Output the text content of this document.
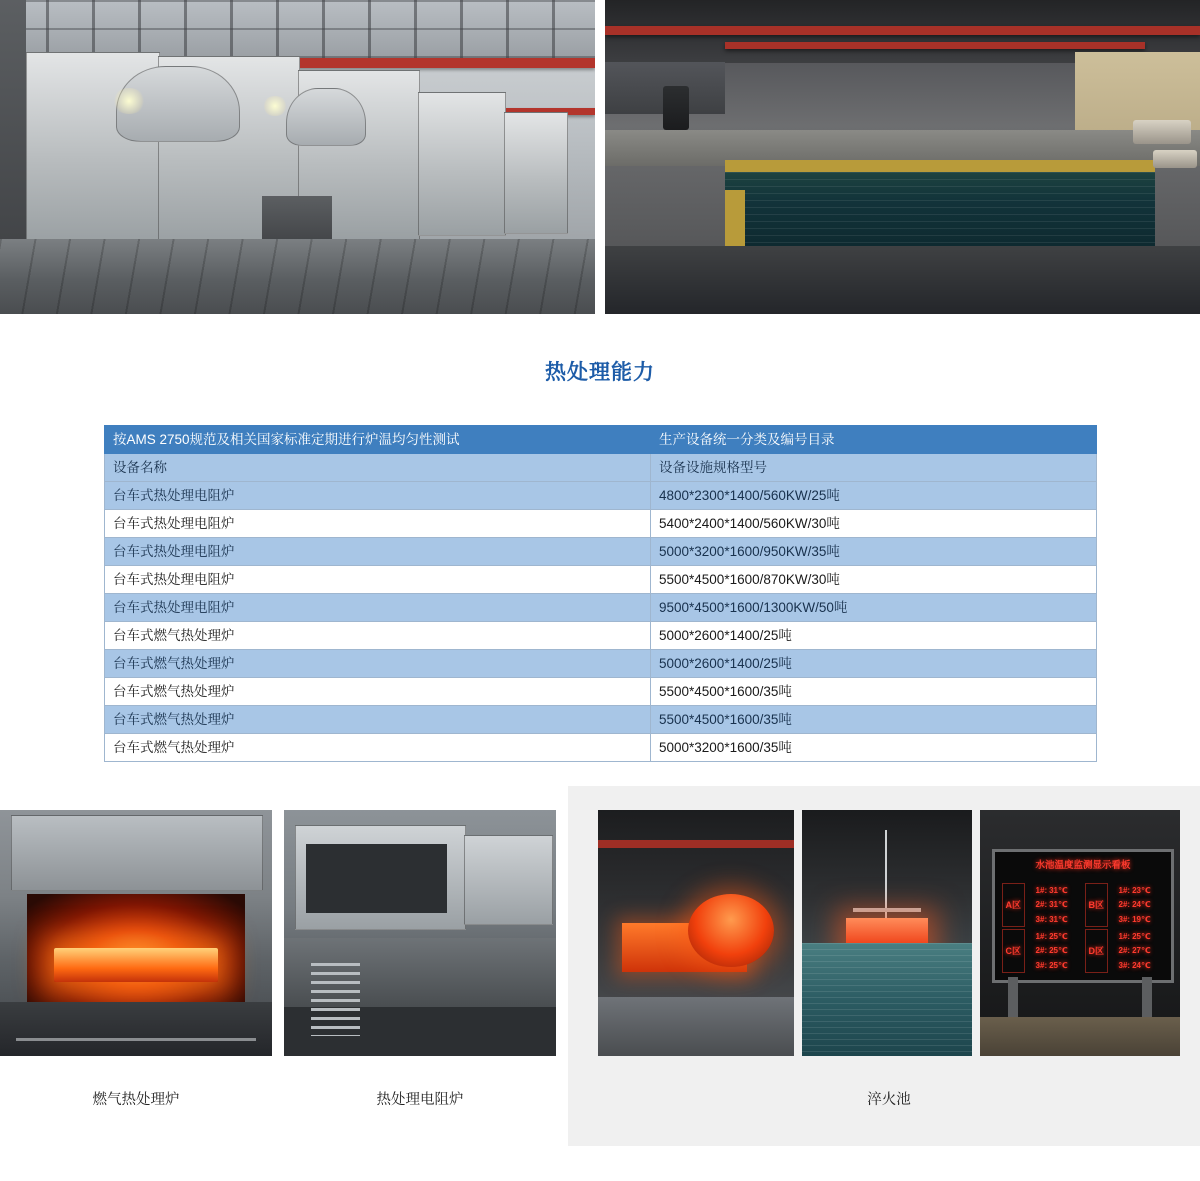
热处理能力
按AMS 2750规范及相关国家标准定期进行炉温均匀性测试	生产设备统一分类及编号目录
设备名称	设备设施规格型号
台车式热处理电阻炉	4800*2300*1400/560KW/25吨
台车式热处理电阻炉	5400*2400*1400/560KW/30吨
台车式热处理电阻炉	5000*3200*1600/950KW/35吨
台车式热处理电阻炉	5500*4500*1600/870KW/30吨
台车式热处理电阻炉	9500*4500*1600/1300KW/50吨
台车式燃气热处理炉	5000*2600*1400/25吨
台车式燃气热处理炉	5000*2600*1400/25吨
台车式燃气热处理炉	5500*4500*1600/35吨
台车式燃气热处理炉	5500*4500*1600/35吨
台车式燃气热处理炉	5000*3200*1600/35吨
水池温度监测显示看板
A区
1#: 31℃
2#: 31℃
3#: 31℃
B区
1#: 23℃
2#: 24℃
3#: 19℃
C区
1#: 25℃
2#: 25℃
3#: 25℃
D区
1#: 25℃
2#: 27℃
3#: 24℃
燃气热处理炉	热处理电阻炉	淬火池
